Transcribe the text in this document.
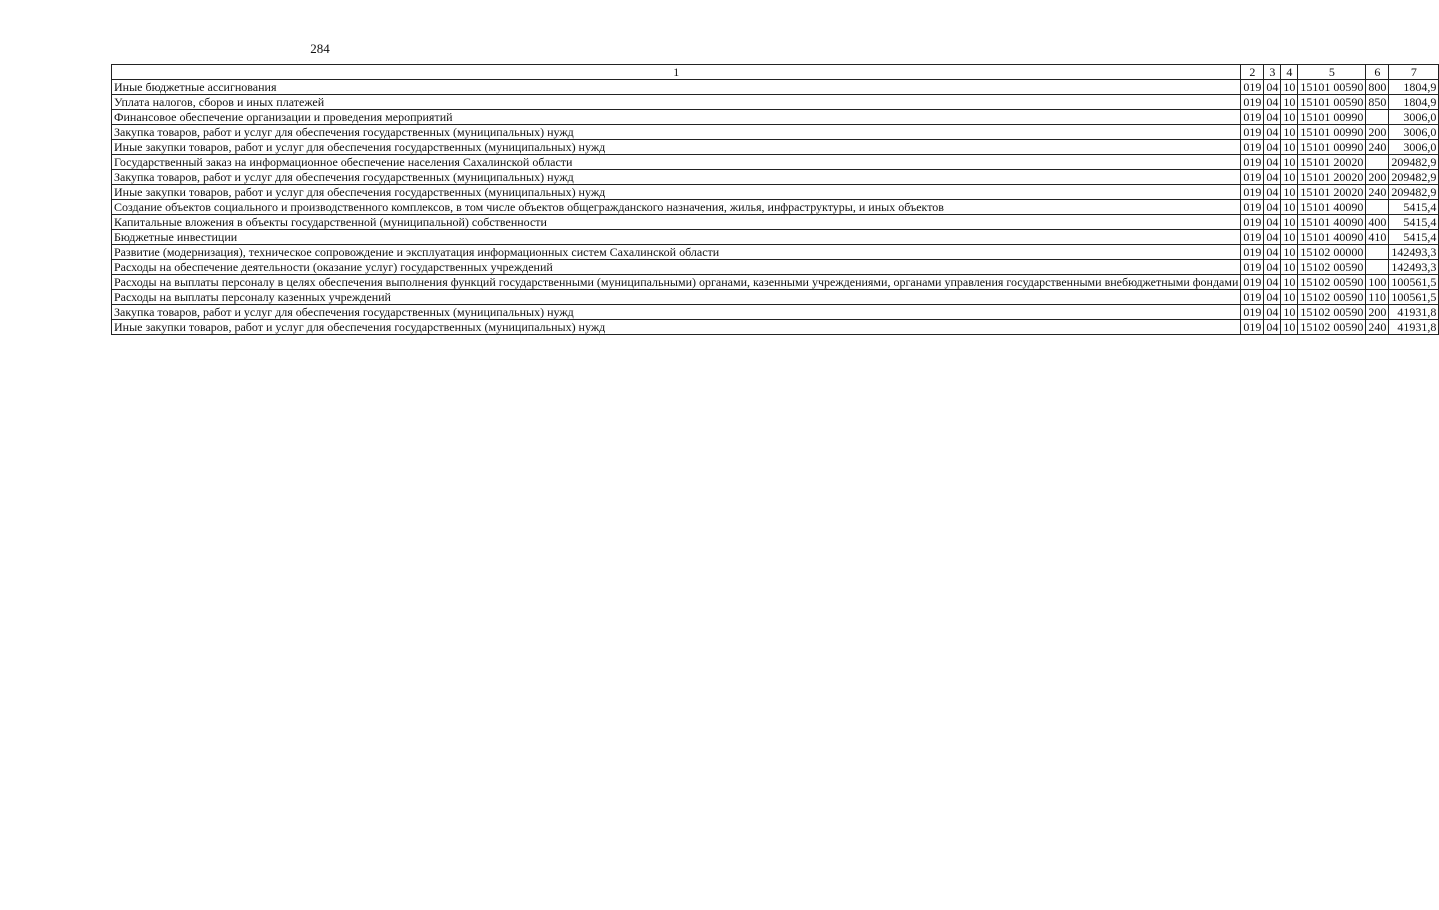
284
1	2	3	4	5	6	7
Иные бюджетные ассигнования	019	04	10	15101 00590	800	1804,9
Уплата налогов, сборов и иных платежей	019	04	10	15101 00590	850	1804,9
Финансовое обеспечение организации и проведения мероприятий	019	04	10	15101 00990		3006,0
Закупка товаров, работ и услуг для обеспечения государственных (муниципальных) нужд	019	04	10	15101 00990	200	3006,0
Иные закупки товаров, работ и услуг для обеспечения государственных (муниципальных) нужд	019	04	10	15101 00990	240	3006,0
Государственный заказ на информационное обеспечение населения Сахалинской области	019	04	10	15101 20020		209482,9
Закупка товаров, работ и услуг для обеспечения государственных (муниципальных) нужд	019	04	10	15101 20020	200	209482,9
Иные закупки товаров, работ и услуг для обеспечения государственных (муниципальных) нужд	019	04	10	15101 20020	240	209482,9
Создание объектов социального и производственного комплексов, в том числе объектов общегражданского назначения, жилья, инфраструктуры, и иных объектов	019	04	10	15101 40090		5415,4
Капитальные вложения в объекты государственной (муниципальной) собственности	019	04	10	15101 40090	400	5415,4
Бюджетные инвестиции	019	04	10	15101 40090	410	5415,4
Развитие (модернизация), техническое сопровождение и эксплуатация информационных систем Сахалинской области	019	04	10	15102 00000		142493,3
Расходы на обеспечение деятельности (оказание услуг) государственных учреждений	019	04	10	15102 00590		142493,3
Расходы на выплаты персоналу в целях обеспечения выполнения функций государственными (муниципальными) органами, казенными учреждениями, органами управления государственными внебюджетными фондами	019	04	10	15102 00590	100	100561,5
Расходы на выплаты персоналу казенных учреждений	019	04	10	15102 00590	110	100561,5
Закупка товаров, работ и услуг для обеспечения государственных (муниципальных) нужд	019	04	10	15102 00590	200	41931,8
Иные закупки товаров, работ и услуг для обеспечения государственных (муниципальных) нужд	019	04	10	15102 00590	240	41931,8
